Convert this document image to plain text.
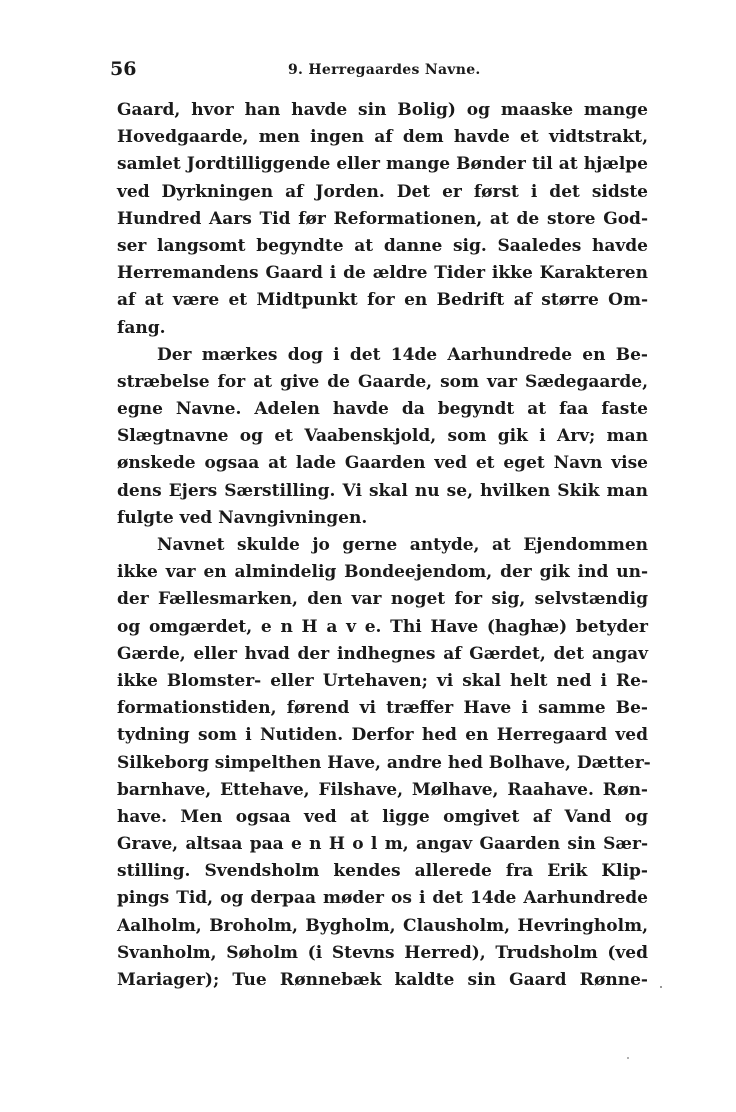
56	9. Herregaardes Navne.
Gaard, hvor han havde sin Bolig) og maaske mange
Hovedgaarde, men ingen af dem havde et vidtstrakt,
samlet Jordtilliggende eller mange Bønder til at hjælpe
ved Dyrkningen af Jorden. Det er først i det sidste
Hundred Aars Tid før Reformationen, at de store God-
ser langsomt begyndte at danne sig. Saaledes havde
Herremandens Gaard i de ældre Tider ikke Karakteren
af at være et Midtpunkt for en Bedrift af større Om-
fang.
Der mærkes dog i det 14de Aarhundrede en Be-
stræbelse for at give de Gaarde, som var Sædegaarde,
egne Navne. Adelen havde da begyndt at faa faste
Slægtnavne og et Vaabenskjold, som gik i Arv; man
ønskede ogsaa at lade Gaarden ved et eget Navn vise
dens Ejers Særstilling. Vi skal nu se, hvilken Skik man
fulgte ved Navngivningen.
Navnet skulde jo gerne antyde, at Ejendommen
ikke var en almindelig Bondeejendom, der gik ind un-
der Fællesmarken, den var noget for sig, selvstændig
og omgærdet, e n H a v e. Thi Have (haghæ) betyder
Gærde, eller hvad der indhegnes af Gærdet, det angav
ikke Blomster- eller Urtehaven; vi skal helt ned i Re-
formationstiden, førend vi træffer Have i samme Be-
tydning som i Nutiden. Derfor hed en Herregaard ved
Silkeborg simpelthen Have, andre hed Bolhave, Dætter-
barnhave, Ettehave, Filshave, Mølhave, Raahave. Røn-
have. Men ogsaa ved at ligge omgivet af Vand og
Grave, altsaa paa e n H o l m, angav Gaarden sin Sær-
stilling. Svendsholm kendes allerede fra Erik Klip-
pings Tid, og derpaa møder os i det 14de Aarhundrede
Aalholm, Broholm, Bygholm, Clausholm, Hevringholm,
Svanholm, Søholm (i Stevns Herred), Trudsholm (ved
Mariager); Tue Rønnebæk kaldte sin Gaard Rønne-
